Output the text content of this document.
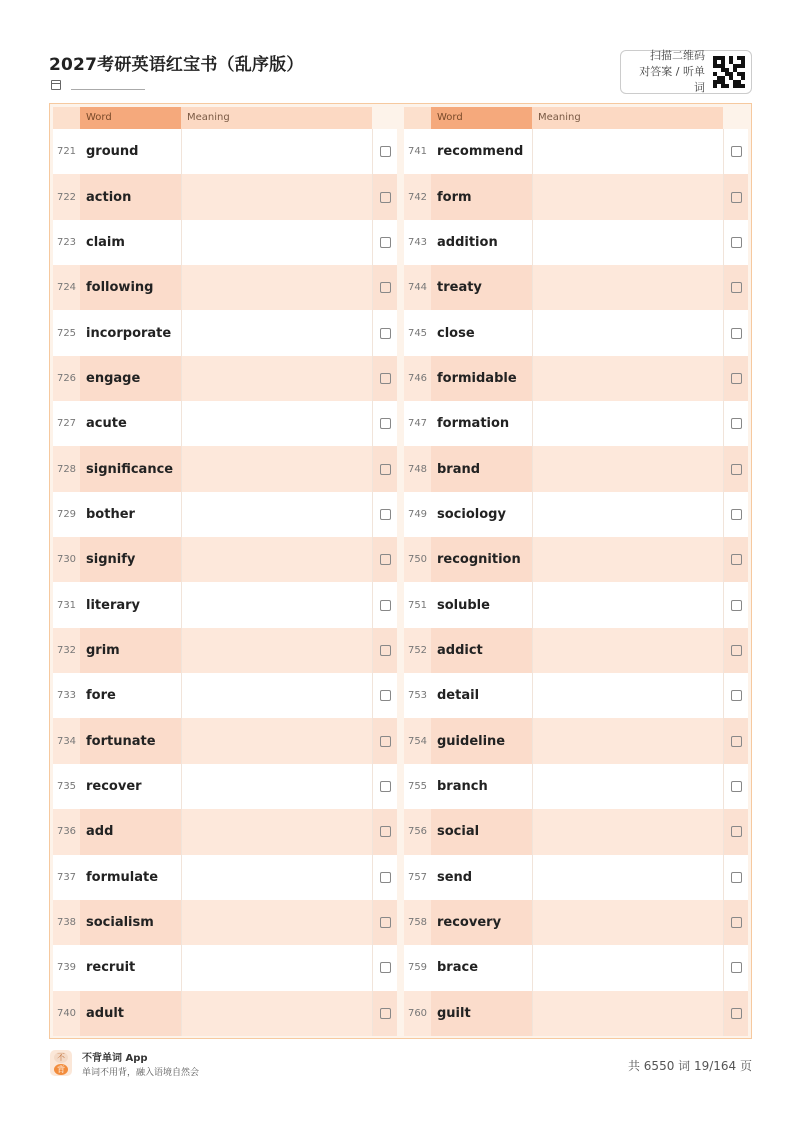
2027考研英语红宝书（乱序版）	扫描二维码
对答案 / 听单词
Word	Meaning
721 ground
722 action
723 claim
724 following
725 incorporate
726 engage
727 acute
728 significance
729 bother
730 signify
731 literary
732 grim
733 fore
734 fortunate
735 recover
736 add
737 formulate
738 socialism
739 recruit
740 adult
Word	Meaning
741 recommend
742 form
743 addition
744 treaty
745 close
746 formidable
747 formation
748 brand
749 sociology
750 recognition
751 soluble
752 addict
753 detail
754 guideline
755 branch
756 social
757 send
758 recovery
759 brace
760 guilt
不
背
不背单词 App
单词不用背，融入语境自然会	共 6550 词 19/164 页
